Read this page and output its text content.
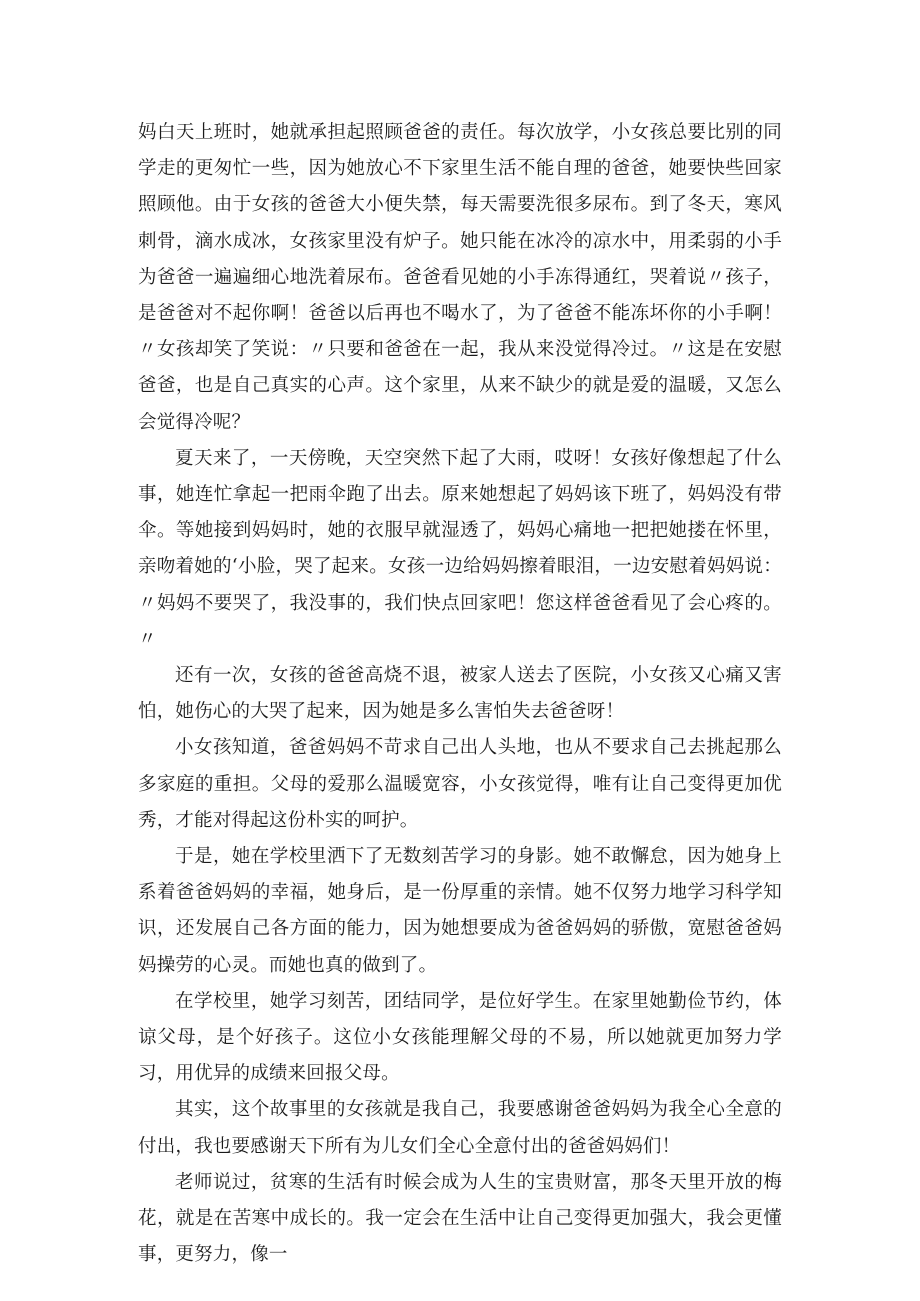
妈白天上班时，她就承担起照顾爸爸的责任。每次放学，小女孩总要比别的同学走的更匆忙一些，因为她放心不下家里生活不能自理的爸爸，她要快些回家照顾他。由于女孩的爸爸大小便失禁，每天需要洗很多尿布。到了冬天，寒风刺骨，滴水成冰，女孩家里没有炉子。她只能在冰冷的凉水中，用柔弱的小手为爸爸一遍遍细心地洗着尿布。爸爸看见她的小手冻得通红，哭着说〃孩子，是爸爸对不起你啊！爸爸以后再也不喝水了，为了爸爸不能冻坏你的小手啊！〃女孩却笑了笑说：〃只要和爸爸在一起，我从来没觉得冷过。〃这是在安慰爸爸，也是自己真实的心声。这个家里，从来不缺少的就是爱的温暖，又怎么会觉得冷呢？

夏天来了，一天傍晚，天空突然下起了大雨，哎呀！女孩好像想起了什么事，她连忙拿起一把雨伞跑了出去。原来她想起了妈妈该下班了，妈妈没有带伞。等她接到妈妈时，她的衣服早就湿透了，妈妈心痛地一把把她搂在怀里，亲吻着她的‘小脸，哭了起来。女孩一边给妈妈擦着眼泪，一边安慰着妈妈说：〃妈妈不要哭了，我没事的，我们快点回家吧！您这样爸爸看见了会心疼的。〃

还有一次，女孩的爸爸高烧不退，被家人送去了医院，小女孩又心痛又害怕，她伤心的大哭了起来，因为她是多么害怕失去爸爸呀！

小女孩知道，爸爸妈妈不苛求自己出人头地，也从不要求自己去挑起那么多家庭的重担。父母的爱那么温暖宽容，小女孩觉得，唯有让自己变得更加优秀，才能对得起这份朴实的呵护。

于是，她在学校里洒下了无数刻苦学习的身影。她不敢懈怠，因为她身上系着爸爸妈妈的幸福，她身后，是一份厚重的亲情。她不仅努力地学习科学知识，还发展自己各方面的能力，因为她想要成为爸爸妈妈的骄傲，宽慰爸爸妈妈操劳的心灵。而她也真的做到了。

在学校里，她学习刻苦，团结同学，是位好学生。在家里她勤俭节约，体谅父母，是个好孩子。这位小女孩能理解父母的不易，所以她就更加努力学习，用优异的成绩来回报父母。

其实，这个故事里的女孩就是我自己，我要感谢爸爸妈妈为我全心全意的付出，我也要感谢天下所有为儿女们全心全意付出的爸爸妈妈们！

老师说过，贫寒的生活有时候会成为人生的宝贵财富，那冬天里开放的梅花，就是在苦寒中成长的。我一定会在生活中让自己变得更加强大，我会更懂事，更努力，像一
